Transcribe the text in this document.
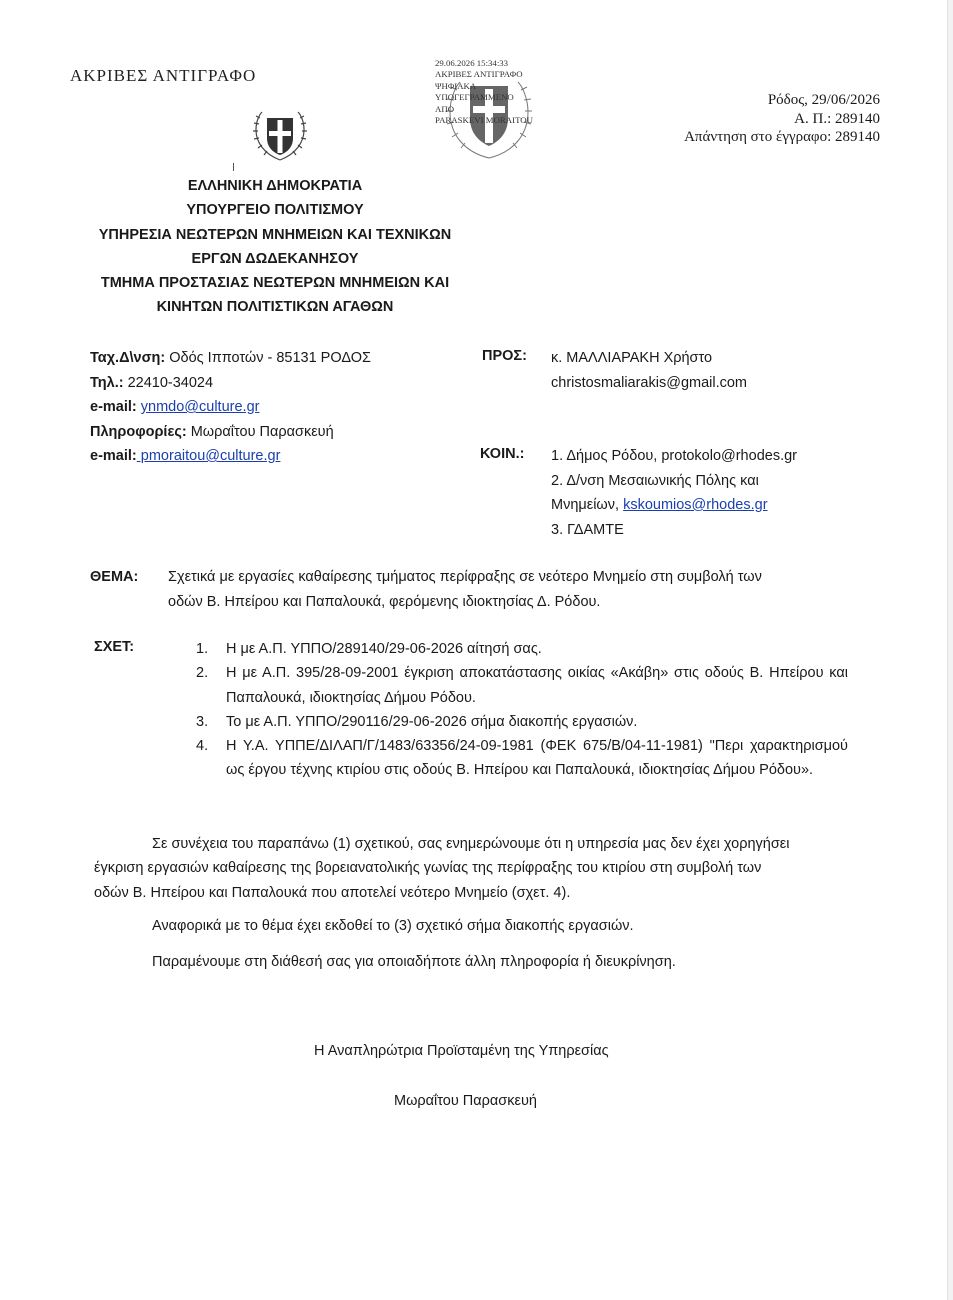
ΑΚΡΙΒΕΣ ΑΝΤΙΓΡΑΦΟ
29.06.2026 15:34:33
ΑΚΡΙΒΕΣ ΑΝΤΙΓΡΑΦΟ
ΨΗΦΙΑΚΑ
ΥΠΟΓΕΓΡΑΜΜΕΝΟ
ΑΠΟ
PARASKEVI MORAITOU
Ρόδος, 29/06/2026
Α. Π.: 289140
Απάντηση στο έγγραφο: 289140
ΕΛΛΗΝΙΚΗ ΔΗΜΟΚΡΑΤΙΑ
ΥΠΟΥΡΓΕΙΟ ΠΟΛΙΤΙΣΜΟΥ
ΥΠΗΡΕΣΙΑ ΝΕΩΤΕΡΩΝ ΜΝΗΜΕΙΩΝ ΚΑΙ ΤΕΧΝΙΚΩΝ
ΕΡΓΩΝ ΔΩΔΕΚΑΝΗΣΟΥ
ΤΜΗΜΑ ΠΡΟΣΤΑΣΙΑΣ ΝΕΩΤΕΡΩΝ ΜΝΗΜΕΙΩΝ ΚΑΙ
ΚΙΝΗΤΩΝ ΠΟΛΙΤΙΣΤΙΚΩΝ ΑΓΑΘΩΝ
Ταχ.Δ\νση: Οδός Ιπποτών - 85131 ΡΟΔΟΣ
Τηλ.: 22410-34024
e-mail: ynmdo@culture.gr
Πληροφορίες: Μωραΐτου Παρασκευή
e-mail: pmoraitou@culture.gr
ΠΡΟΣ: κ. ΜΑΛΛΙΑΡΑΚΗ Χρήστο
christosmaliarakis@gmail.com
ΚΟΙΝ.: 1. Δήμος Ρόδου, protokolo@rhodes.gr
2. Δ/νση Μεσαιωνικής Πόλης και
Μνημείων, kskoumios@rhodes.gr
3. ΓΔΑΜΤΕ
ΘΕΜΑ: Σχετικά με εργασίες καθαίρεσης τμήματος περίφραξης σε νεότερο Μνημείο στη συμβολή των
οδών Β. Ηπείρου και Παπαλουκά, φερόμενης ιδιοκτησίας Δ. Ρόδου.
ΣΧΕΤ:	1. Η με Α.Π. ΥΠΠΟ/289140/29-06-2026 αίτησή σας.
2. Η με Α.Π. 395/28-09-2001 έγκριση αποκατάστασης οικίας «Ακάβη» στις οδούς Β. Ηπείρου και Παπαλουκά, ιδιοκτησίας Δήμου Ρόδου.
3. Το με Α.Π. ΥΠΠΟ/290116/29-06-2026 σήμα διακοπής εργασιών.
4. Η Υ.Α. ΥΠΠΕ/ΔΙΛΑΠ/Γ/1483/63356/24-09-1981 (ΦΕΚ 675/Β/04-11-1981) "Περι χαρακτηρισμού ως έργου τέχνης κτιρίου στις οδούς Β. Ηπείρου και Παπαλουκά, ιδιοκτησίας Δήμου Ρόδου».
Σε συνέχεια του παραπάνω (1) σχετικού, σας ενημερώνουμε ότι η υπηρεσία μας δεν έχει χορηγήσει
έγκριση εργασιών καθαίρεσης της βορειανατολικής γωνίας της περίφραξης του κτιρίου στη συμβολή των
οδών Β. Ηπείρου και Παπαλουκά που αποτελεί νεότερο Μνημείο (σχετ. 4).
Αναφορικά με το θέμα έχει εκδοθεί το (3) σχετικό σήμα διακοπής εργασιών.
Παραμένουμε στη διάθεσή σας για οποιαδήποτε άλλη πληροφορία ή διευκρίνηση.
Η Αναπληρώτρια Προϊσταμένη της Υπηρεσίας
Μωραΐτου Παρασκευή
